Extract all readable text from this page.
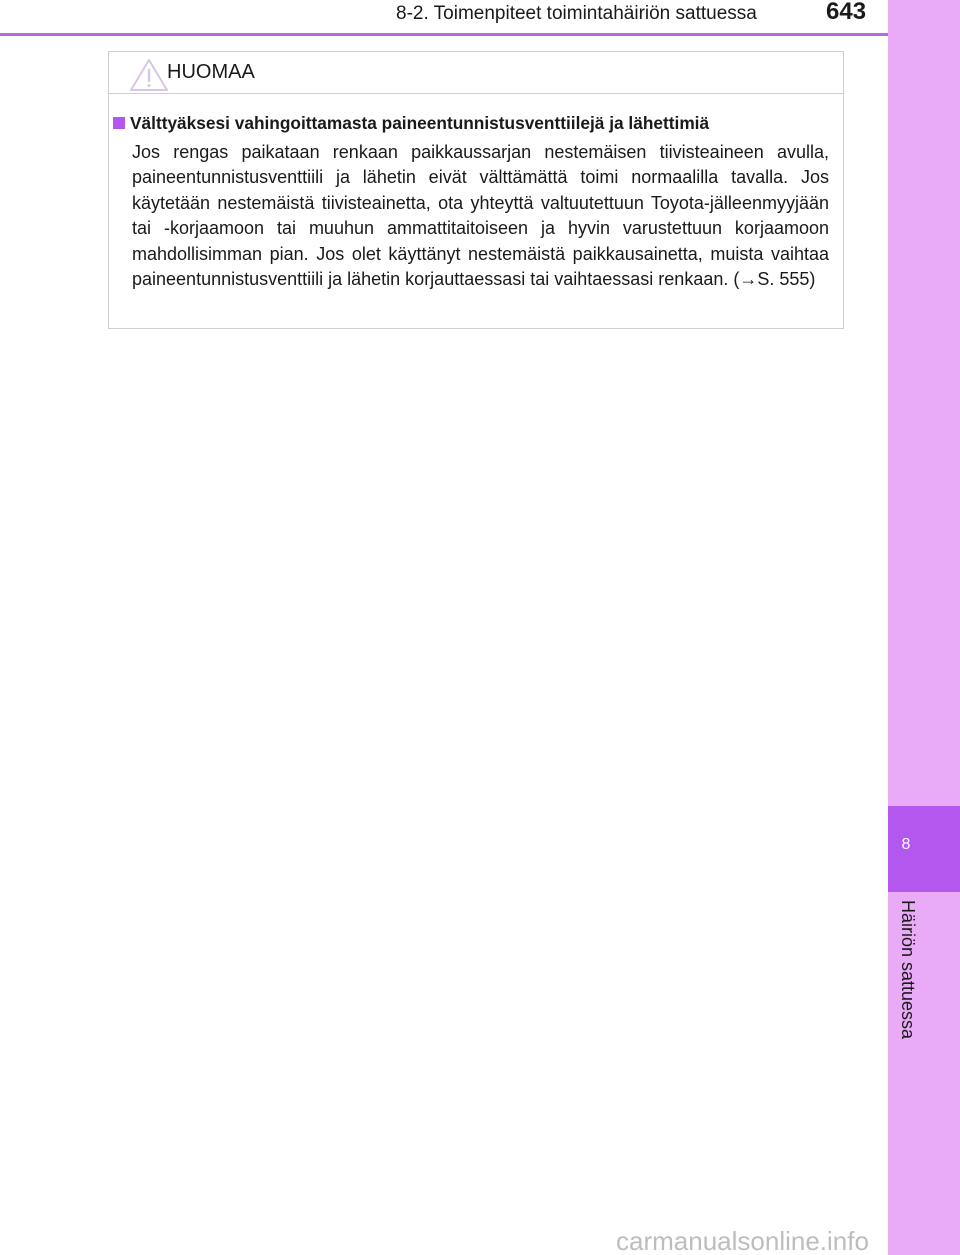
8-2. Toimenpiteet toimintahäiriön sattuessa	643
8
Häiriön sattuessa
HUOMAA
Välttyäksesi vahingoittamasta paineentunnistusventtiilejä ja lähettimiä
Jos rengas paikataan renkaan paikkaussarjan nestemäisen tiivisteaineen avulla, paineentunnistusventtiili ja lähetin eivät välttämättä toimi normaalilla tavalla. Jos käytetään nestemäistä tiivisteainetta, ota yhteyttä valtuutettuun Toyota-jälleenmyyjään tai -korjaamoon tai muuhun ammattitaitoiseen ja hyvin varustettuun korjaamoon mahdollisimman pian. Jos olet käyttänyt nestemäistä paikkausainetta, muista vaihtaa paineentunnistusventtiili ja lähetin korjauttaessasi tai vaihtaessasi renkaan. (→S. 555)
carmanualsonline.info
